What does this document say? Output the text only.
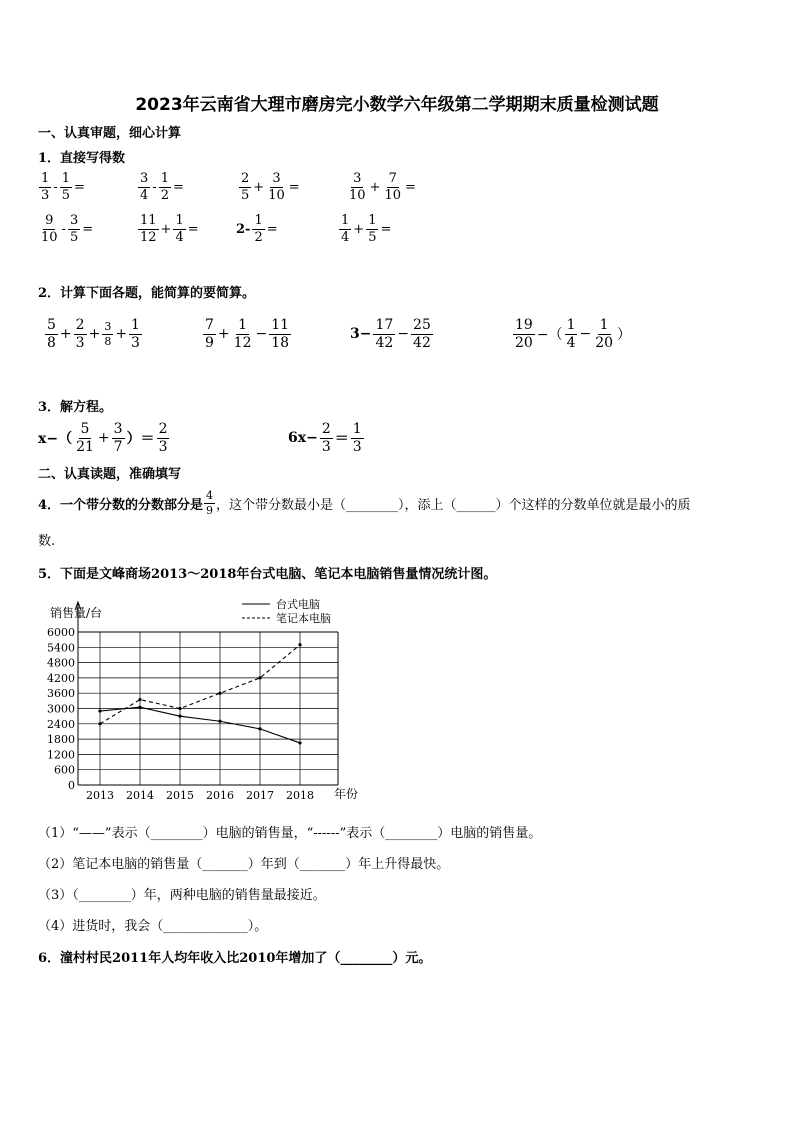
2023年云南省大理市磨房完小数学六年级第二学期期末质量检测试题
一、认真审题，细心计算
1．直接写得数
$\frac{1}{3} - \frac{1}{5}$ =	$\frac{3}{4} - \frac{1}{2}$ =	$\frac{2}{5} + \frac{3}{10}$ =	$\frac{3}{10} + \frac{7}{10}$ =
$\frac{9}{10} - \frac{3}{5}$ =	$\frac{11}{12} + \frac{1}{4}$ =	$2- \frac{1}{2}$ =	$\frac{1}{4} + \frac{1}{5}$ =
2．计算下面各题，能简算的要简算。
$\frac{5}{8} + \frac{2}{3} + \frac{3}{8} + \frac{1}{3}$	$\frac{7}{9} + \frac{1}{12} - \frac{11}{18}$	$3- \frac{17}{42} - \frac{25}{42}$	$\frac{19}{20}$ −（ $\frac{1}{4} - \frac{1}{20}$ ）
3．解方程。
$x-( \frac{5}{21} + \frac{3}{7}$ ）＝ $\frac{2}{3}$	$6x- \frac{2}{3} = \frac{1}{3}$
二、认真读题，准确填写
4．一个带分数的分数部分是 $\frac{4}{9}$ ，这个带分数最小是（________），添上（______）个这样的分数单位就是最小的质
数.
5．下面是文峰商场2013～2018年台式电脑、笔记本电脑销售量情况统计图。
6000
5400
4800
4200
3600
3000
2400
1800
1200
600
0
2013 2014 2015 2016 2017 2018
台式电脑
笔记本电脑
销售量/台
年份
（1）“——”表示（________）电脑的销售量，“------”表示（________）电脑的销售量。
（2）笔记本电脑的销售量（_______）年到（_______）年上升得最快。
（3）（________）年，两种电脑的销售量最接近。
（4）进货时，我会（_____________）。
6．潼村村民2011年人均年收入比2010年增加了（________）元。
